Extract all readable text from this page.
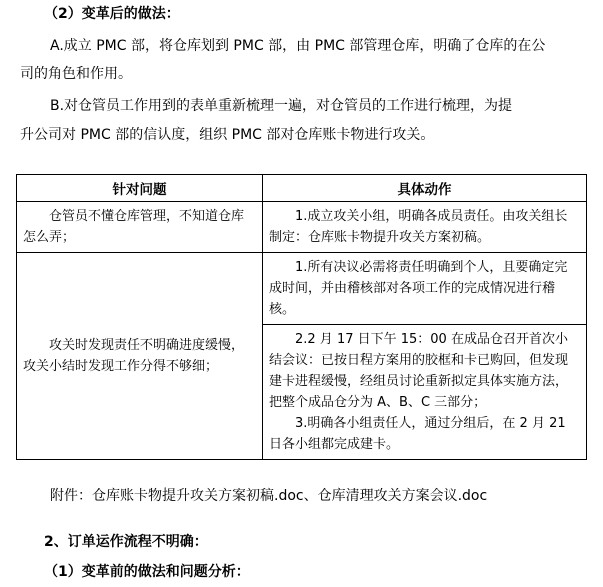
（2）变革后的做法：
A.成立 PMC 部，将仓库划到 PMC 部，由 PMC 部管理仓库，明确了仓库的在公
司的角色和作用。
B.对仓管员工作用到的表单重新梳理一遍，对仓管员的工作进行梳理，为提
升公司对 PMC 部的信认度，组织 PMC 部对仓库账卡物进行攻关。
针对问题	具体动作

仓管员不懂仓库管理，不知道仓库怎么弄；	1.成立攻关小组，明确各成员责任。由攻关组长制定：仓库账卡物提升攻关方案初稿。

攻关时发现责任不明确进度缓慢，攻关小结时发现工作分得不够细；	1.所有决议必需将责任明确到个人，且要确定完成时间，并由稽核部对各项工作的完成情况进行稽核。
2.2 月 17 日下午 15：00 在成品仓召开首次小结会议：已按日程方案用的胶框和卡已购回，但发现建卡进程缓慢，经组员讨论重新拟定具体实施方法，把整个成品仓分为 A、B、C 三部分；
3.明确各小组责任人，通过分组后，在 2 月 21 日各小组都完成建卡。
附件：仓库账卡物提升攻关方案初稿.doc、仓库清理攻关方案会议.doc
2、订单运作流程不明确：
（1）变革前的做法和问题分析：
